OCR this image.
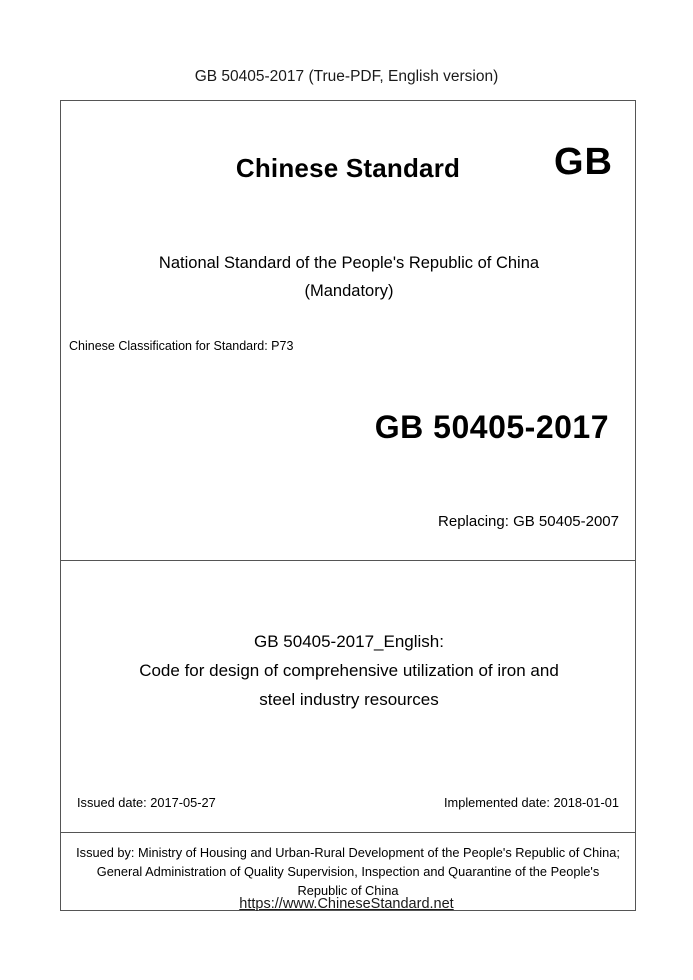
GB 50405-2017 (True-PDF, English version)
Chinese Standard	GB
National Standard of the People's Republic of China
(Mandatory)
Chinese Classification for Standard: P73
GB 50405-2017
Replacing: GB 50405-2007
GB 50405-2017_English:
Code for design of comprehensive utilization of iron and
steel industry resources
Issued date: 2017-05-27	Implemented date: 2018-01-01
Issued by: Ministry of Housing and Urban-Rural Development of the People's Republic of China; General Administration of Quality Supervision, Inspection and Quarantine of the People's Republic of China
https://www.ChineseStandard.net
